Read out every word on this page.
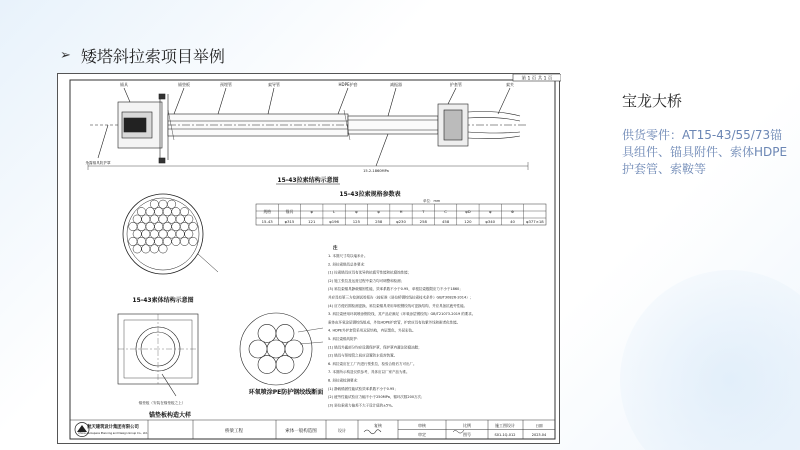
➢ 矮塔斜拉索项目举例
第 1 页 共 1 页
锚具	锚垫板	预埋管	索导管	HDPE护套	减振器	护套管	索夹
外露锚具防护罩
15.2-1860MPa
15-43拉索结构示意图
15-43索体结构示意图
15-43拉索规格参数表
单位：mm
规格	锚具	φ	L	φ	φ	H	T	C	φD	φ	Φ
15-43	φ315	121	φ196	125	258	φ230	258	458	120	φ340	40	φ377×18
注
1. 本图尺寸均以毫米计。
2. 斜拉索锚具总体要求：
(1) 拉索锚具应具有优异的抗疲劳性能和抗腐蚀性能；
(2) 施工张拉及运营过程中索力均可调整和检测；
(3) 斜拉索锚具静载锚固性能，效率系数不小于0.95，单根拉索极限应力不小于1860；
并应具有第三方检测试验报告（按标准《斜拉桥钢绞线拉索技术条件》GB/T30826-2014）；
(4) 应方便后期检测更换，斜拉索锚具采用单根钢绞线可更换结构，并应具备抗疲劳性能。
3. 斜拉索使用环氧喷涂钢绞线，其产品应满足《环氧涂层钢绞线》GB/T21073-2019 的要求。
索体由环氧涂层钢绞线组成，外包HDPE护套管，护套应具有抗紫外线和耐老化性能。
4. HDPE外护套管采用双层结构，内层黑色，外层彩色。
5. 斜拉索锚具防护：
(1) 锚具外露部分均应设置保护罩，保护罩内灌注防腐油脂；
(2) 锚具与预埋管之间应设置防水密封装置。
6. 斜拉索应在工厂内进行预张拉，检验合格后方可出厂。
7. 本图所示构造仅供参考，具体应以厂家产品为准。
8. 斜拉索检测要求：
(1) 静载锚固性能试验效率系数不小于0.95；
(2) 疲劳性能试验应力幅不小于250MPa，循环次数200万次；
(3) 斜拉索索力偏差不大于设计值的±5%。
锚垫板（安装在锚垫板之上）
锚垫板构造大样
环氧喷涂PE防护钢绞线断面
航天建筑设计集团有限公司
China Aerospace Planning and Design Group Co., Ltd.	桥梁工程	索体一般构造图	设计
复核	审核
审定
比例
图号
施工图设计
S01-1Q-012
日期
2023.04
宝龙大桥
供货零件：AT15-43/55/73锚具组件、锚具附件、索体HDPE护套管、索鞍等
